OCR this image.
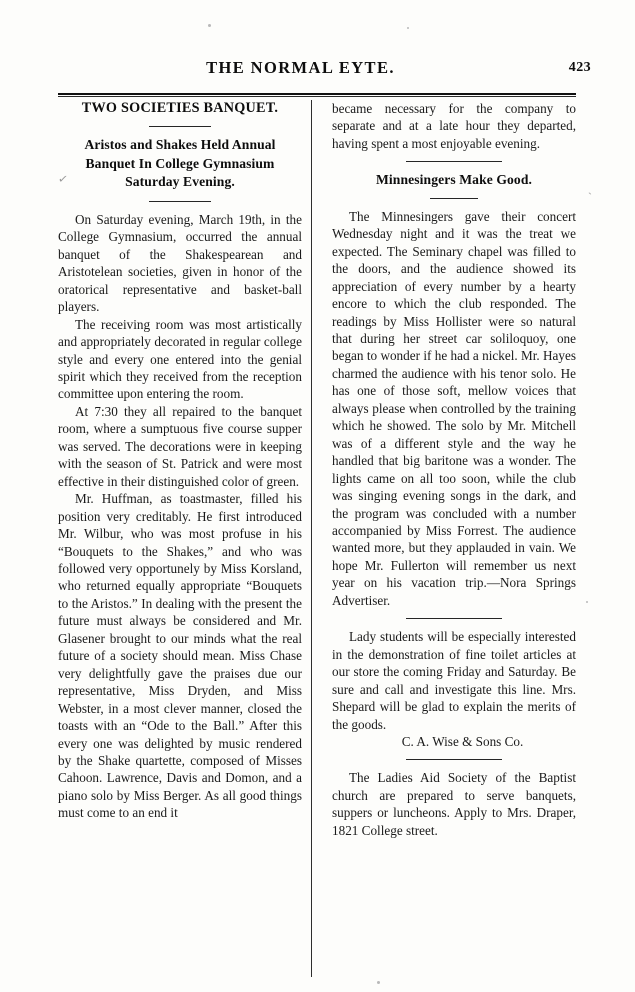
✓
`
THE NORMAL EYTE.	423
TWO SOCIETIES BANQUET.
Aristos and Shakes Held Annual Banquet In College Gymnasium Saturday Evening.

On Saturday evening, March 19th, in the College Gymnasium, occurred the annual banquet of the Shakespearean and Aristotelean societies, given in honor of the oratorical representative and basket-ball players.

The receiving room was most artistically and appropriately decorated in regular college style and every one entered into the genial spirit which they received from the reception committee upon entering the room.

At 7:30 they all repaired to the banquet room, where a sumptuous five course supper was served. The decorations were in keeping with the season of St. Patrick and were most effective in their distinguished color of green.

Mr. Huffman, as toastmaster, filled his position very creditably. He first introduced Mr. Wilbur, who was most profuse in his “Bouquets to the Shakes,” and who was followed very opportunely by Miss Korsland, who returned equally appropriate “Bouquets to the Aristos.” In dealing with the present the future must always be considered and Mr. Glasener brought to our minds what the real future of a society should mean. Miss Chase very delightfully gave the praises due our representative, Miss Dryden, and Miss Webster, in a most clever manner, closed the toasts with an “Ode to the Ball.” After this every one was delighted by music rendered by the Shake quartette, composed of Misses Cahoon. Lawrence, Davis and Domon, and a piano solo by Miss Berger. As all good things must come to an end it

became necessary for the company to separate and at a late hour they departed, having spent a most enjoyable evening.

Minnesingers Make Good.

The Minnesingers gave their concert Wednesday night and it was the treat we expected. The Seminary chapel was filled to the doors, and the audience showed its appreciation of every number by a hearty encore to which the club responded. The readings by Miss Hollister were so natural that during her street car soliloquoy, one began to wonder if he had a nickel. Mr. Hayes charmed the audience with his tenor solo. He has one of those soft, mellow voices that always please when controlled by the training which he showed. The solo by Mr. Mitchell was of a different style and the way he handled that big baritone was a wonder. The lights came on all too soon, while the club was singing evening songs in the dark, and the program was concluded with a number accompanied by Miss Forrest. The audience wanted more, but they applauded in vain. We hope Mr. Fullerton will remember us next year on his vacation trip.—Nora Springs Advertiser.

Lady students will be especially interested in the demonstration of fine toilet articles at our store the coming Friday and Saturday. Be sure and call and investigate this line. Mrs. Shepard will be glad to explain the merits of the goods.

C. A. Wise & Sons Co.

The Ladies Aid Society of the Baptist church are prepared to serve banquets, suppers or luncheons. Apply to Mrs. Draper, 1821 College street.
